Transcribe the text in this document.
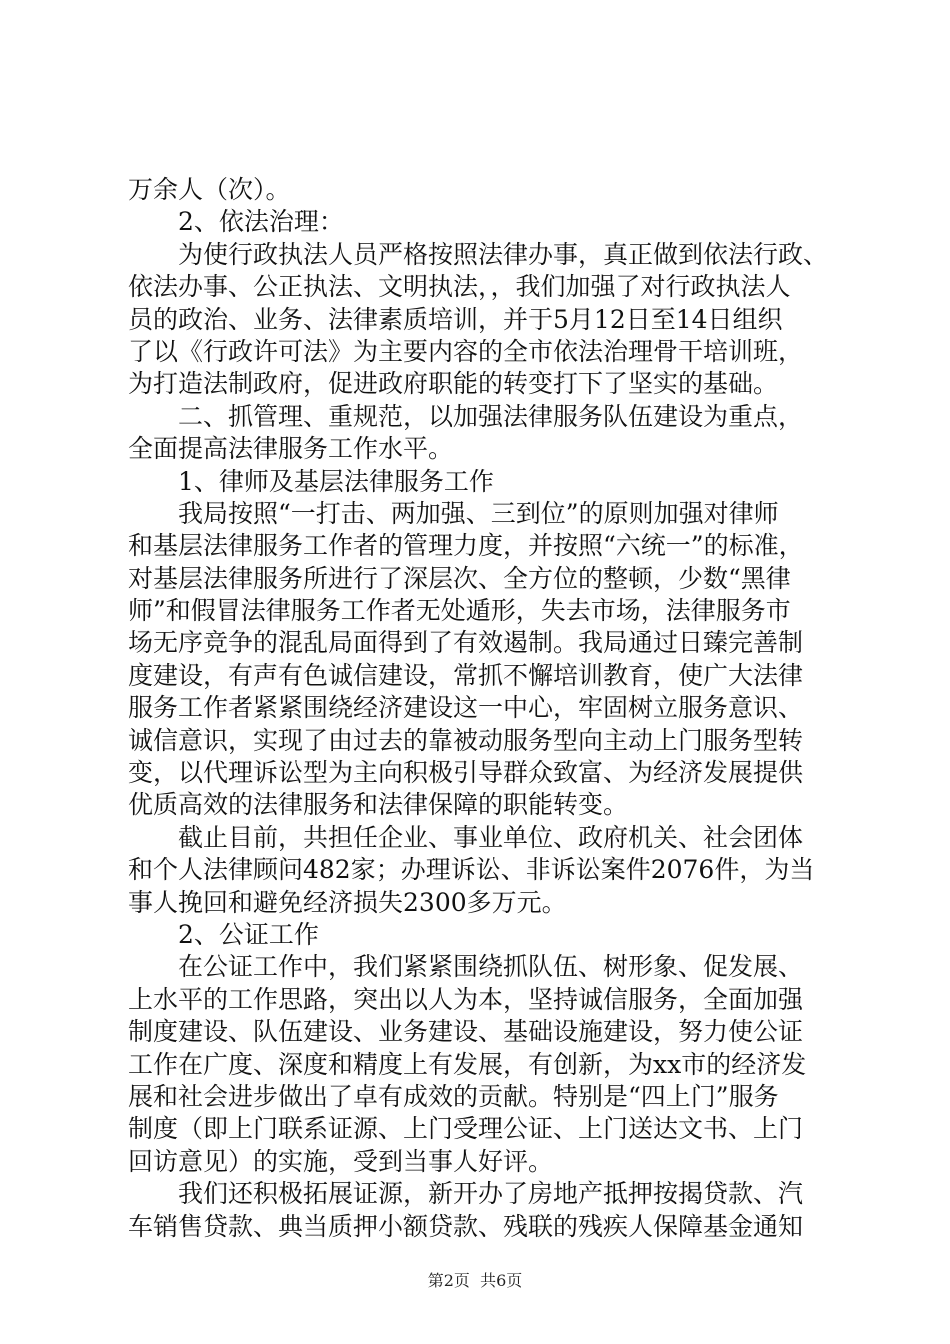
万余人（次）。
2、依法治理：
为使行政执法人员严格按照法律办事，真正做到依法行政、
依法办事、公正执法、文明执法，，我们加强了对行政执法人
员的政治、业务、法律素质培训，并于5月12日至14日组织
了以《行政许可法》为主要内容的全市依法治理骨干培训班，
为打造法制政府，促进政府职能的转变打下了坚实的基础。
二、抓管理、重规范，以加强法律服务队伍建设为重点，
全面提高法律服务工作水平。
1、律师及基层法律服务工作
我局按照“一打击、两加强、三到位”的原则加强对律师
和基层法律服务工作者的管理力度，并按照“六统一”的标准，
对基层法律服务所进行了深层次、全方位的整顿，少数“黑律
师”和假冒法律服务工作者无处遁形，失去市场，法律服务市
场无序竞争的混乱局面得到了有效遏制。我局通过日臻完善制
度建设，有声有色诚信建设，常抓不懈培训教育，使广大法律
服务工作者紧紧围绕经济建设这一中心，牢固树立服务意识、
诚信意识，实现了由过去的靠被动服务型向主动上门服务型转
变，以代理诉讼型为主向积极引导群众致富、为经济发展提供
优质高效的法律服务和法律保障的职能转变。
截止目前，共担任企业、事业单位、政府机关、社会团体
和个人法律顾问482家；办理诉讼、非诉讼案件2076件，为当
事人挽回和避免经济损失2300多万元。
2、公证工作
在公证工作中，我们紧紧围绕抓队伍、树形象、促发展、
上水平的工作思路，突出以人为本，坚持诚信服务，全面加强
制度建设、队伍建设、业务建设、基础设施建设，努力使公证
工作在广度、深度和精度上有发展，有创新，为xx市的经济发
展和社会进步做出了卓有成效的贡献。特别是“四上门”服务
制度（即上门联系证源、上门受理公证、上门送达文书、上门
回访意见）的实施，受到当事人好评。
我们还积极拓展证源，新开办了房地产抵押按揭贷款、汽
车销售贷款、典当质押小额贷款、残联的残疾人保障基金通知
第2页  共6页
